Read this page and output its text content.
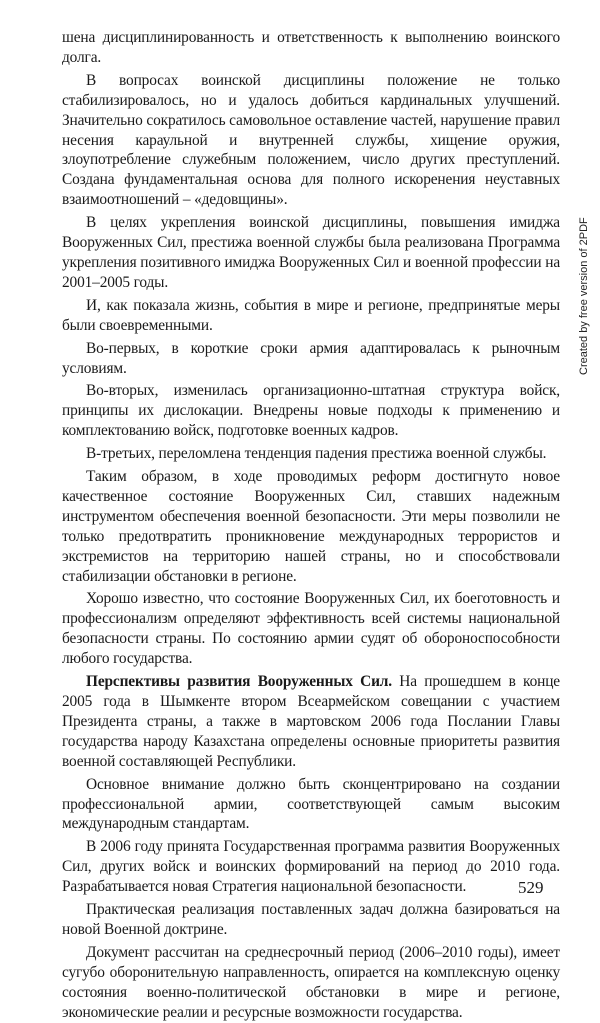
шена дисциплинированность и ответственность к выполнению воинского долга.

В вопросах воинской дисциплины положение не только стабилизировалось, но и удалось добиться кардинальных улучшений. Значительно сократилось самовольное оставление частей, нарушение правил несения караульной и внутренней службы, хищение оружия, злоупотребление служебным положением, число других преступлений. Создана фундаментальная основа для полного искоренения неуставных взаимоотношений – «дедовщины».

В целях укрепления воинской дисциплины, повышения имиджа Вооруженных Сил, престижа военной службы была реализована Программа укрепления позитивного имиджа Вооруженных Сил и военной профессии на 2001–2005 годы.

И, как показала жизнь, события в мире и регионе, предпринятые меры были своевременными.

Во-первых, в короткие сроки армия адаптировалась к рыночным условиям.

Во-вторых, изменилась организационно-штатная структура войск, принципы их дислокации. Внедрены новые подходы к применению и комплектованию войск, подготовке военных кадров.

В-третьих, переломлена тенденция падения престижа военной службы.

Таким образом, в ходе проводимых реформ достигнуто новое качественное состояние Вооруженных Сил, ставших надежным инструментом обеспечения военной безопасности. Эти меры позволили не только предотвратить проникновение международных террористов и экстремистов на территорию нашей страны, но и способствовали стабилизации обстановки в регионе.

Хорошо известно, что состояние Вооруженных Сил, их боеготовность и профессионализм определяют эффективность всей системы национальной безопасности страны. По состоянию армии судят об обороноспособности любого государства.

Перспективы развития Вооруженных Сил. На прошедшем в конце 2005 года в Шымкенте втором Всеармейском совещании с участием Президента страны, а также в мартовском 2006 года Послании Главы государства народу Казахстана определены основные приоритеты развития военной составляющей Республики.

Основное внимание должно быть сконцентрировано на создании профессиональной армии, соответствующей самым высоким международным стандартам.

В 2006 году принята Государственная программа развития Вооруженных Сил, других войск и воинских формирований на период до 2010 года. Разрабатывается новая Стратегия национальной безопасности.

Практическая реализация поставленных задач должна базироваться на новой Военной доктрине.

Документ рассчитан на среднесрочный период (2006–2010 годы), имеет сугубо оборонительную направленность, опирается на комплексную оценку состояния военно-политической обстановки в мире и регионе, экономические реалии и ресурсные возможности государства.

Created by free version of 2PDF
529
